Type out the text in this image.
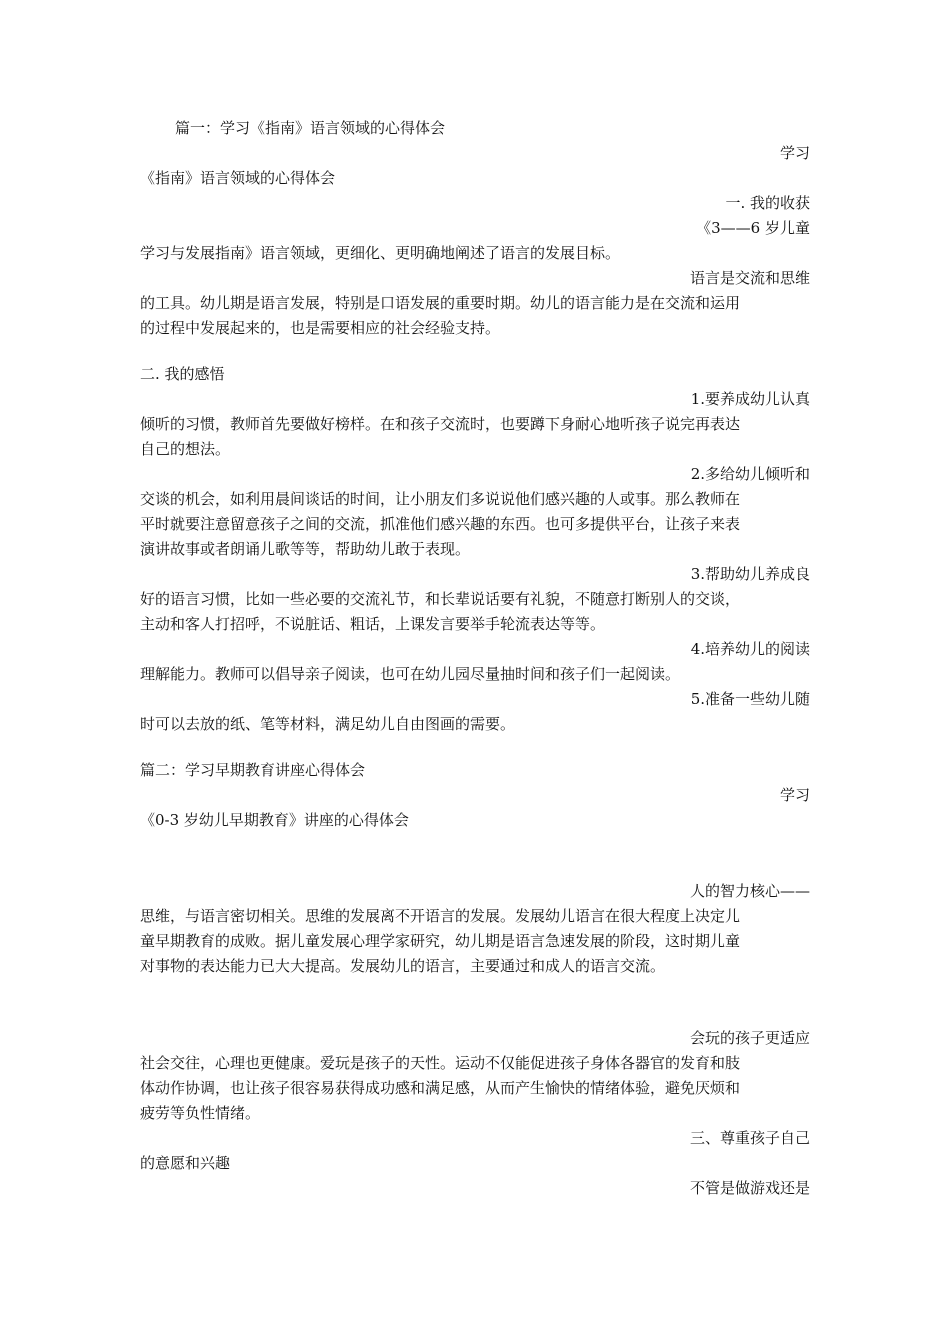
篇一：学习《指南》语言领域的心得体会
学习
《指南》语言领域的心得体会
一. 我的收获
《3——6 岁儿童
学习与发展指南》语言领域，更细化、更明确地阐述了语言的发展目标。
语言是交流和思维
的工具。幼儿期是语言发展，特别是口语发展的重要时期。幼儿的语言能力是在交流和运用
的过程中发展起来的，也是需要相应的社会经验支持。
二. 我的感悟
1.要养成幼儿认真
倾听的习惯，教师首先要做好榜样。在和孩子交流时，也要蹲下身耐心地听孩子说完再表达
自己的想法。
2.多给幼儿倾听和
交谈的机会，如利用晨间谈话的时间，让小朋友们多说说他们感兴趣的人或事。那么教师在
平时就要注意留意孩子之间的交流，抓准他们感兴趣的东西。也可多提供平台，让孩子来表
演讲故事或者朗诵儿歌等等，帮助幼儿敢于表现。
3.帮助幼儿养成良
好的语言习惯，比如一些必要的交流礼节，和长辈说话要有礼貌，不随意打断别人的交谈，
主动和客人打招呼，不说脏话、粗话，上课发言要举手轮流表达等等。
4.培养幼儿的阅读
理解能力。教师可以倡导亲子阅读，也可在幼儿园尽量抽时间和孩子们一起阅读。
5.准备一些幼儿随
时可以去放的纸、笔等材料，满足幼儿自由图画的需要。
篇二：学习早期教育讲座心得体会
学习
《0-3 岁幼儿早期教育》讲座的心得体会
人的智力核心——
思维，与语言密切相关。思维的发展离不开语言的发展。发展幼儿语言在很大程度上决定儿
童早期教育的成败。据儿童发展心理学家研究，幼儿期是语言急速发展的阶段，这时期儿童
对事物的表达能力已大大提高。发展幼儿的语言，主要通过和成人的语言交流。
会玩的孩子更适应
社会交往，心理也更健康。爱玩是孩子的天性。运动不仅能促进孩子身体各器官的发育和肢
体动作协调，也让孩子很容易获得成功感和满足感，从而产生愉快的情绪体验，避免厌烦和
疲劳等负性情绪。
三、尊重孩子自己
的意愿和兴趣
不管是做游戏还是
